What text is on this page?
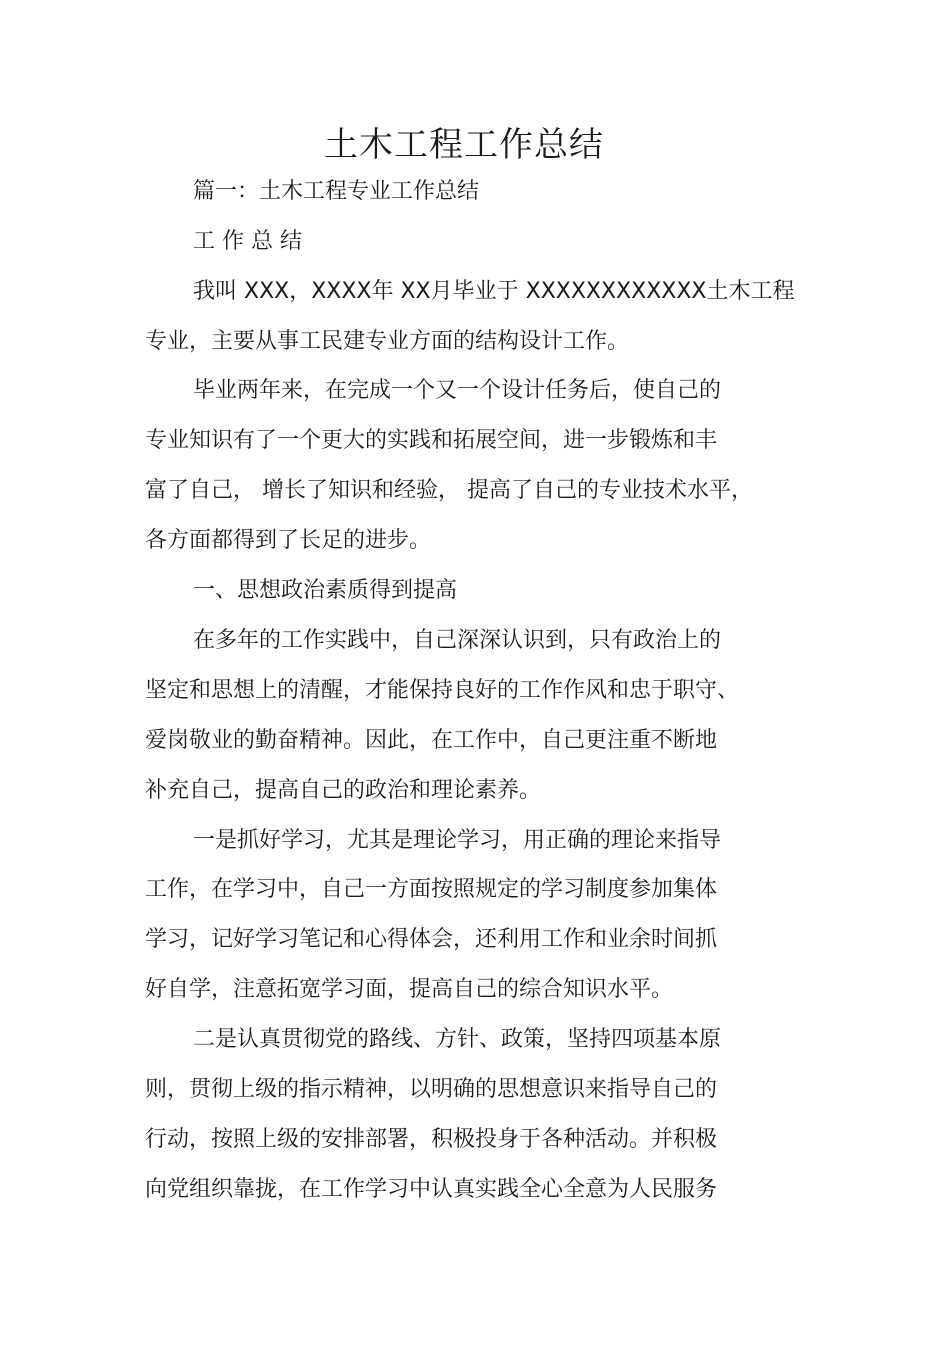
土木工程工作总结
篇一：土木工程专业工作总结
工 作 总 结
我叫 XXX，XXXX年 XX月毕业于 XXXXXXXXXXXX土木工程
专业，主要从事工民建专业方面的结构设计工作。
毕业两年来，在完成一个又一个设计任务后，使自己的
专业知识有了一个更大的实践和拓展空间，进一步锻炼和丰
富了自己， 增长了知识和经验， 提高了自己的专业技术水平，
各方面都得到了长足的进步。
一、思想政治素质得到提高
在多年的工作实践中，自己深深认识到，只有政治上的
坚定和思想上的清醒，才能保持良好的工作作风和忠于职守、
爱岗敬业的勤奋精神。因此，在工作中，自己更注重不断地
补充自己，提高自己的政治和理论素养。
一是抓好学习，尤其是理论学习，用正确的理论来指导
工作，在学习中，自己一方面按照规定的学习制度参加集体
学习，记好学习笔记和心得体会，还利用工作和业余时间抓
好自学，注意拓宽学习面，提高自己的综合知识水平。
二是认真贯彻党的路线、方针、政策，坚持四项基本原
则，贯彻上级的指示精神，以明确的思想意识来指导自己的
行动，按照上级的安排部署，积极投身于各种活动。并积极
向党组织靠拢，在工作学习中认真实践全心全意为人民服务
